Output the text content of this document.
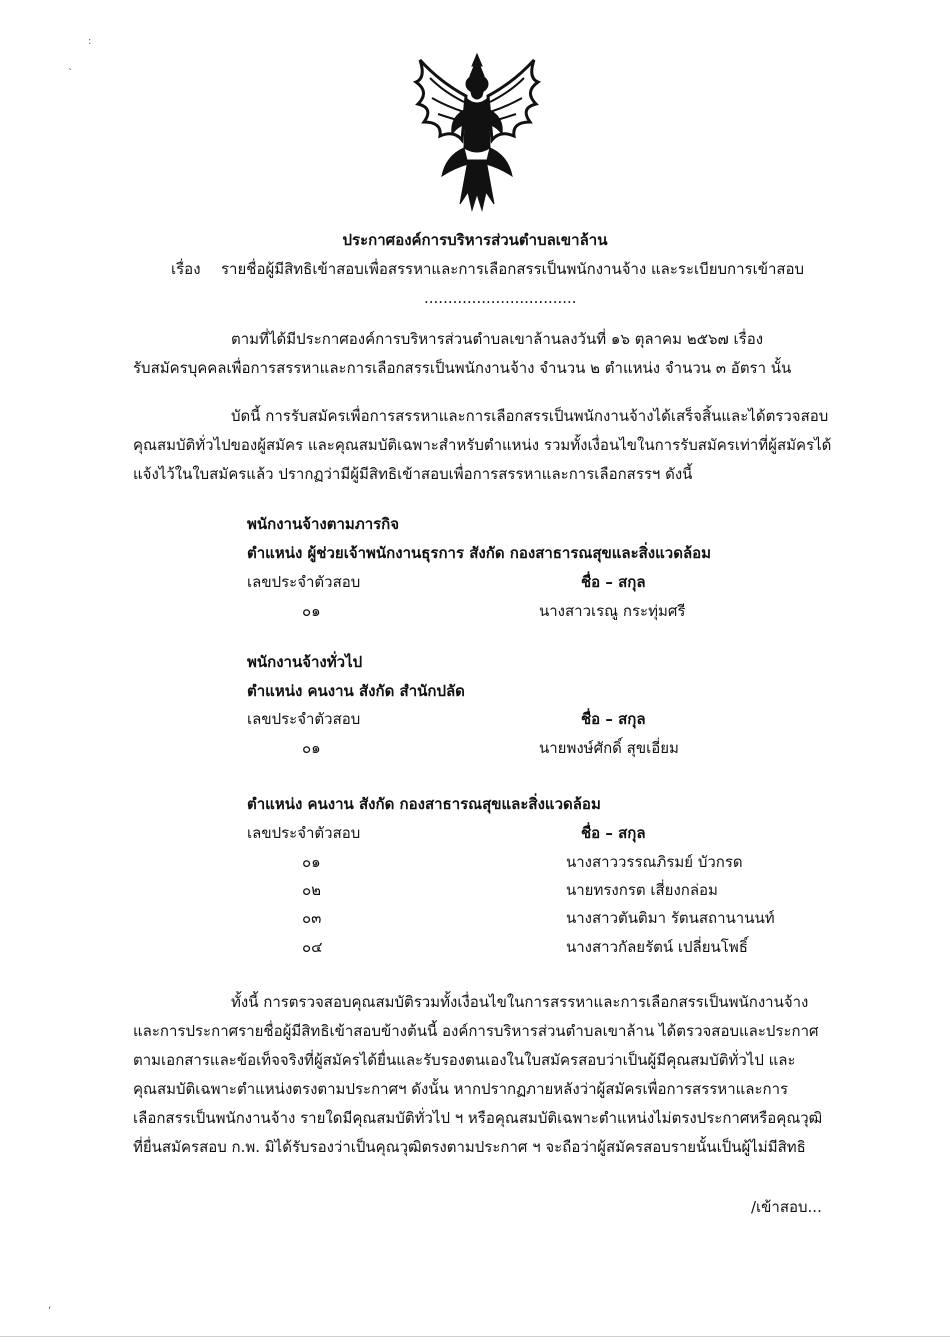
:
`
ประกาศองค์การบริหารส่วนตำบลเขาล้าน
เรื่อง รายชื่อผู้มีสิทธิเข้าสอบเพื่อสรรหาและการเลือกสรรเป็นพนักงานจ้าง และระเบียบการเข้าสอบ
................................
ตามที่ได้มีประกาศองค์การบริหารส่วนตำบลเขาล้านลงวันที่ ๑๖ ตุลาคม ๒๕๖๗ เรื่อง
รับสมัครบุคคลเพื่อการสรรหาและการเลือกสรรเป็นพนักงานจ้าง จำนวน ๒ ตำแหน่ง จำนวน ๓ อัตรา นั้น
บัดนี้ การรับสมัครเพื่อการสรรหาและการเลือกสรรเป็นพนักงานจ้างได้เสร็จสิ้นและได้ตรวจสอบ
คุณสมบัติทั่วไปของผู้สมัคร และคุณสมบัติเฉพาะสำหรับตำแหน่ง รวมทั้งเงื่อนไขในการรับสมัครเท่าที่ผู้สมัครได้
แจ้งไว้ในใบสมัครแล้ว ปรากฏว่ามีผู้มีสิทธิเข้าสอบเพื่อการสรรหาและการเลือกสรรฯ ดังนี้
พนักงานจ้างตามภารกิจ
ตำแหน่ง ผู้ช่วยเจ้าพนักงานธุรการ สังกัด กองสาธารณสุขและสิ่งแวดล้อม
เลขประจำตัวสอบ	ชื่อ – สกุล
๐๑	นางสาวเรณู กระทุ่มศรี
พนักงานจ้างทั่วไป
ตำแหน่ง คนงาน สังกัด สำนักปลัด
เลขประจำตัวสอบ	ชื่อ – สกุล
๐๑	นายพงษ์ศักดิ์ สุขเอี่ยม
ตำแหน่ง คนงาน สังกัด กองสาธารณสุขและสิ่งแวดล้อม
เลขประจำตัวสอบ	ชื่อ – สกุล
๐๑	นางสาววรรณภิรมย์ บัวกรด
๐๒	นายทรงกรต เสี่ยงกล่อม
๐๓	นางสาวตันติมา รัตนสถานานนท์
๐๔	นางสาวกัลยรัตน์ เปลี่ยนโพธิ์
ทั้งนี้ การตรวจสอบคุณสมบัติรวมทั้งเงื่อนไขในการสรรหาและการเลือกสรรเป็นพนักงานจ้าง
และการประกาศรายชื่อผู้มีสิทธิเข้าสอบข้างต้นนี้ องค์การบริหารส่วนตำบลเขาล้าน ได้ตรวจสอบและประกาศ
ตามเอกสารและข้อเท็จจริงที่ผู้สมัครได้ยื่นและรับรองตนเองในใบสมัครสอบว่าเป็นผู้มีคุณสมบัติทั่วไป และ
คุณสมบัติเฉพาะตำแหน่งตรงตามประกาศฯ ดังนั้น หากปรากฏภายหลังว่าผู้สมัครเพื่อการสรรหาและการ
เลือกสรรเป็นพนักงานจ้าง รายใดมีคุณสมบัติทั่วไป ฯ หรือคุณสมบัติเฉพาะตำแหน่งไม่ตรงประกาศหรือคุณวุฒิ
ที่ยื่นสมัครสอบ ก.พ. มิได้รับรองว่าเป็นคุณวุฒิตรงตามประกาศ ฯ จะถือว่าผู้สมัครสอบรายนั้นเป็นผู้ไม่มีสิทธิ
/เข้าสอบ...
,
